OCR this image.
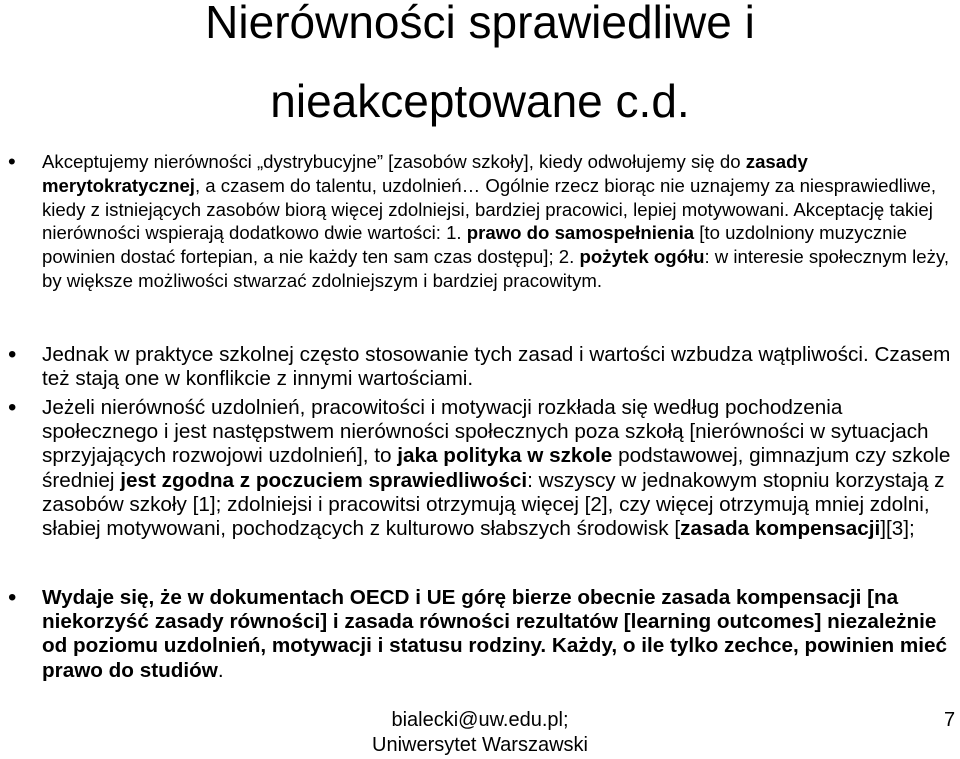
Nierówności sprawiedliwe i
nieakceptowane c.d.
• Akceptujemy nierówności „dystrybucyjne” [zasobów szkoły], kiedy odwołujemy się do zasady merytokratycznej, a czasem do talentu, uzdolnień… Ogólnie rzecz biorąc nie uznajemy za niesprawiedliwe, kiedy z istniejących zasobów biorą więcej zdolniejsi, bardziej pracowici, lepiej motywowani. Akceptację takiej nierówności wspierają dodatkowo dwie wartości: 1. prawo do samospełnienia [to uzdolniony muzycznie powinien dostać fortepian, a nie każdy ten sam czas dostępu]; 2. pożytek ogółu: w interesie społecznym leży, by większe możliwości stwarzać zdolniejszym i bardziej pracowitym.
• Jednak w praktyce szkolnej często stosowanie tych zasad i wartości wzbudza wątpliwości. Czasem też stają one w konflikcie z innymi wartościami.
• Jeżeli nierówność uzdolnień, pracowitości i motywacji rozkłada się według pochodzenia społecznego i jest następstwem nierówności społecznych poza szkołą [nierówności w sytuacjach sprzyjających rozwojowi uzdolnień], to jaka polityka w szkole podstawowej, gimnazjum czy szkole średniej jest zgodna z poczuciem sprawiedliwości: wszyscy w jednakowym stopniu korzystają z zasobów szkoły [1]; zdolniejsi i pracowitsi otrzymują więcej [2], czy więcej otrzymują mniej zdolni, słabiej motywowani, pochodzących z kulturowo słabszych środowisk [zasada kompensacji][3];
• Wydaje się, że w dokumentach OECD i UE górę bierze obecnie zasada kompensacji [na niekorzyść zasady równości] i zasada równości rezultatów [learning outcomes] niezależnie od poziomu uzdolnień, motywacji i statusu rodziny. Każdy, o ile tylko zechce, powinien mieć prawo do studiów.
bialecki@uw.edu.pl;
Uniwersytet Warszawski
7
